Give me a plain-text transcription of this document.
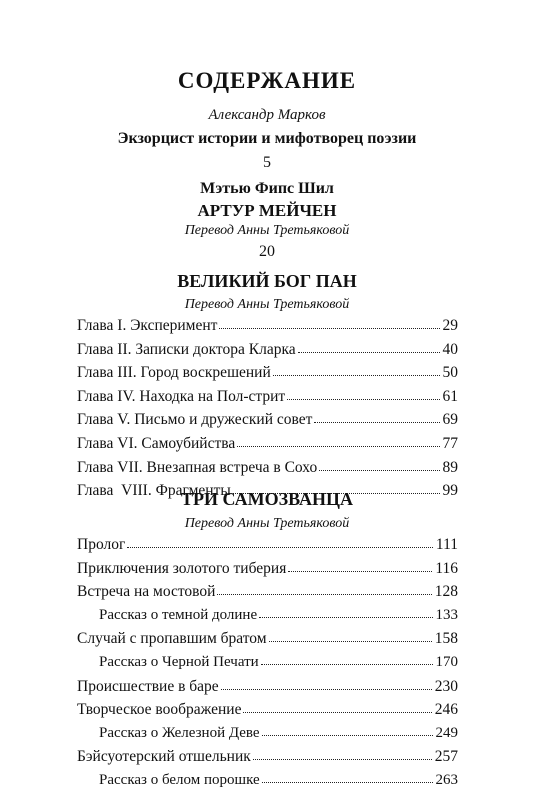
СОДЕРЖАНИЕ
Александр Марков
Экзорцист истории и мифотворец поэзии
5
Мэтью Фипс Шил
АРТУР МЕЙЧЕН
Перевод Анны Третьяковой
20
ВЕЛИКИЙ БОГ ПАН
Перевод Анны Третьяковой
Глава I. Эксперимент	29
Глава II. Записки доктора Кларка	40
Глава III. Город воскрешений	50
Глава IV. Находка на Пол-стрит	61
Глава V. Письмо и дружеский совет	69
Глава VI. Самоубийства	77
Глава VII. Внезапная встреча в Сохо	89
Глава  VIII. Фрагменты	99
ТРИ САМОЗВАНЦА
Перевод Анны Третьяковой
Пролог	111
Приключения золотого тиберия	116
Встреча на мостовой	128
Рассказ о темной долине	133
Случай с пропавшим братом	158
Рассказ о Черной Печати	170
Происшествие в баре	230
Творческое воображение	246
Рассказ о Железной Деве	249
Бэйсуотерский отшельник	257
Рассказ о белом порошке	263
